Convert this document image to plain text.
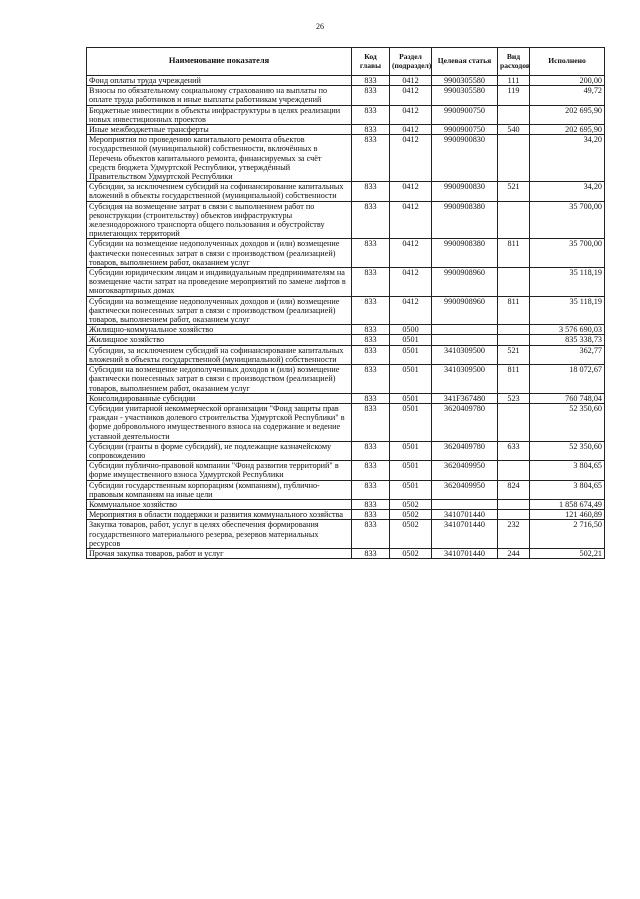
26
Наименование показателя	Код главы	Раздел (подраздел)	Целевая статья	Вид расходов	Исполнено
Фонд оплаты труда учреждений	833	0412	9900305580	111	200,00
Взносы по обязательному социальному страхованию на выплаты по оплате труда работников и иные выплаты работникам учреждений	833	0412	9900305580	119	49,72
Бюджетные инвестиции в объекты инфраструктуры в целях реализации новых инвестиционных проектов	833	0412	9900900750		202 695,90
Иные межбюджетные трансферты	833	0412	9900900750	540	202 695,90
Мероприятия по проведению капитального ремонта объектов государственной (муниципальной) собственности, включённых в Перечень объектов капитального ремонта, финансируемых за счёт средств бюджета Удмуртской Республики, утверждённый Правительством Удмуртской Республики	833	0412	9900900830		34,20
Субсидии, за исключением субсидий на софинансирование капитальных вложений в объекты государственной (муниципальной) собственности	833	0412	9900900830	521	34,20
Субсидия на возмещение затрат в связи с выполнением работ по реконструкции (строительству) объектов инфраструктуры железнодорожного транспорта общего пользования и обустройству прилегающих территорий	833	0412	9900908380		35 700,00
Субсидии на возмещение недополученных доходов и (или) возмещение фактически понесенных затрат в связи с производством (реализацией) товаров, выполнением работ, оказанием услуг	833	0412	9900908380	811	35 700,00
Субсидии юридическим лицам и индивидуальным предпринимателям на возмещение части затрат на проведение мероприятий по замене лифтов в многоквартирных домах	833	0412	9900908960		35 118,19
Субсидии на возмещение недополученных доходов и (или) возмещение фактически понесенных затрат в связи с производством (реализацией) товаров, выполнением работ, оказанием услуг	833	0412	9900908960	811	35 118,19
Жилищно-коммунальное хозяйство	833	0500			3 576 690,03
Жилищное хозяйство	833	0501			835 338,73
Субсидии, за исключением субсидий на софинансирование капитальных вложений в объекты государственной (муниципальной) собственности	833	0501	3410309500	521	362,77
Субсидии на возмещение недополученных доходов и (или) возмещение фактически понесенных затрат в связи с производством (реализацией) товаров, выполнением работ, оказанием услуг	833	0501	3410309500	811	18 072,67
Консолидированные субсидии	833	0501	341F367480	523	760 748,04
Субсидии унитарной некоммерческой организации "Фонд защиты прав граждан - участников долевого строительства Удмуртской Республики" в форме добровольного имущественного взноса на содержание и ведение уставной деятельности	833	0501	3620409780		52 350,60
Субсидии (гранты в форме субсидий), не подлежащие казначейскому сопровождению	833	0501	3620409780	633	52 350,60
Субсидии публично-правовой компании "Фонд развития территорий" в форме имущественного взноса Удмуртской Республики	833	0501	3620409950		3 804,65
Субсидии государственным корпорациям (компаниям), публично-правовым компаниям на иные цели	833	0501	3620409950	824	3 804,65
Коммунальное хозяйство	833	0502			1 858 674,49
Мероприятия в области поддержки и развития коммунального хозяйства	833	0502	3410701440		121 460,89
Закупка товаров, работ, услуг в целях обеспечения формирования государственного материального резерва, резервов материальных ресурсов	833	0502	3410701440	232	2 716,50
Прочая закупка товаров, работ и услуг	833	0502	3410701440	244	502,21
